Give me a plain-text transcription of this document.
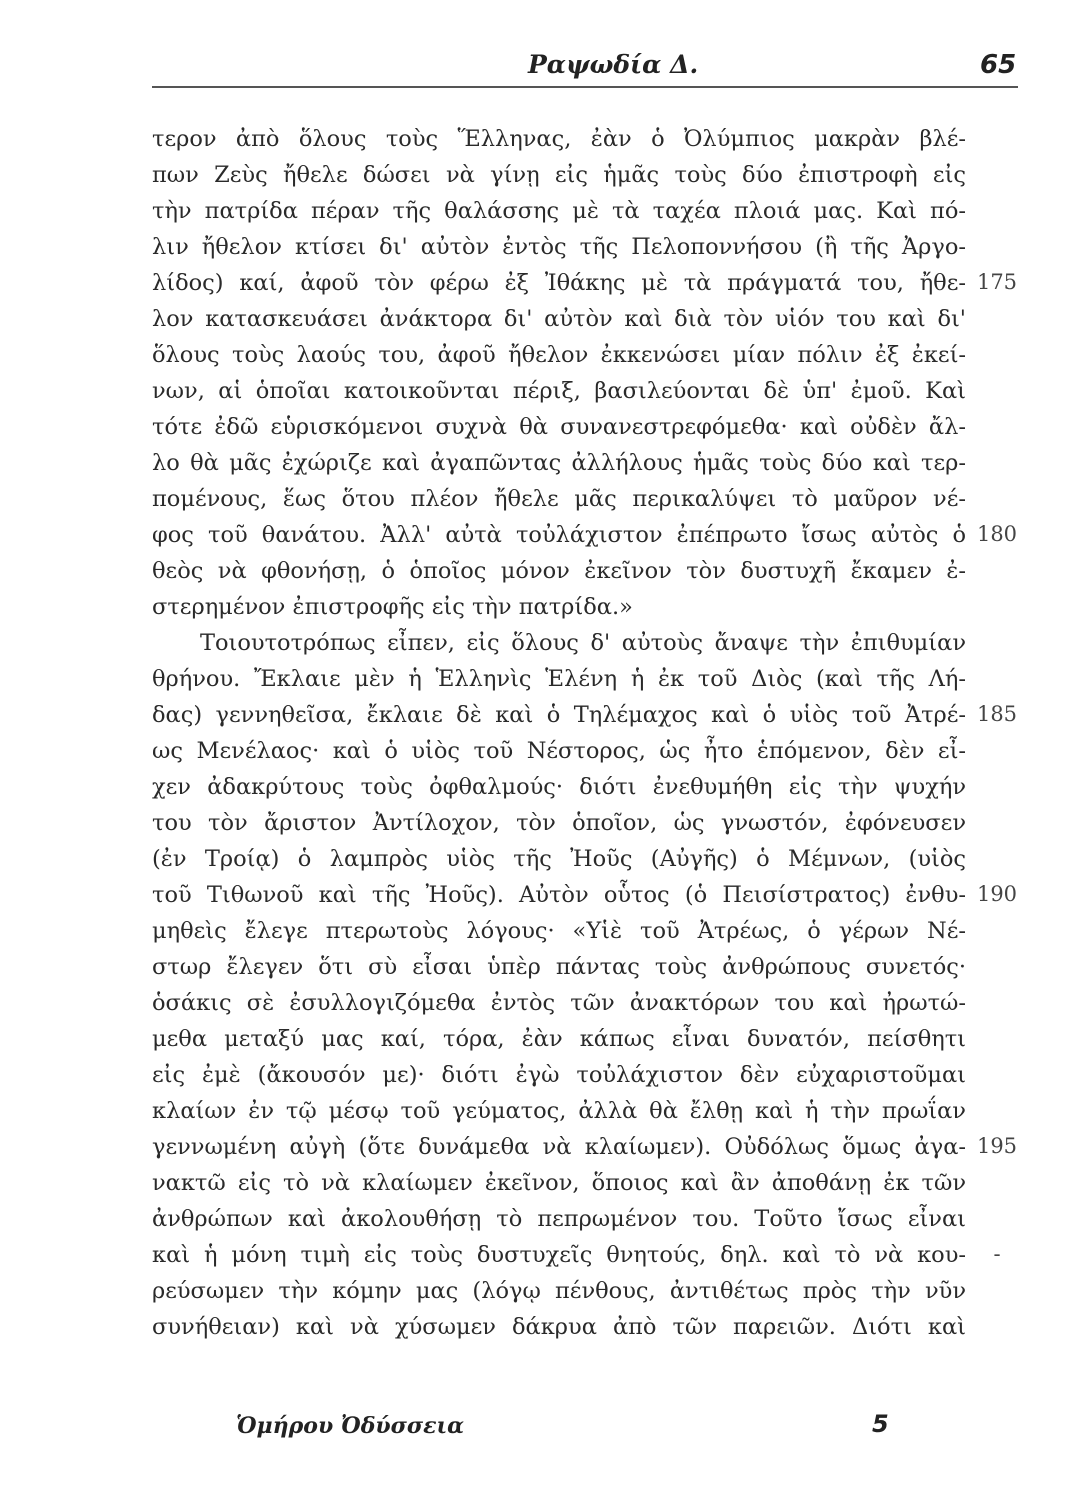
Ραψωδία Δ.	65
τερον ἀπὸ ὅλους τοὺς Ἕλληνας, ἐὰν ὁ Ὀλύμπιος μακρὰν βλέ-
πων Ζεὺς ἤθελε δώσει νὰ γίνῃ εἰς ἡμᾶς τοὺς δύο ἐπιστροφὴ εἰς
τὴν πατρίδα πέραν τῆς θαλάσσης μὲ τὰ ταχέα πλοιά μας. Καὶ πό-
λιν ἤθελον κτίσει δι' αὐτὸν ἐντὸς τῆς Πελοποννήσου (ἢ τῆς Ἀργο-
λίδος) καί, ἀφοῦ τὸν φέρω ἐξ Ἰθάκης μὲ τὰ πράγματά του, ἤθε-
λον κατασκευάσει ἀνάκτορα δι' αὐτὸν καὶ διὰ τὸν υἱόν του καὶ δι'
ὅλους τοὺς λαούς του, ἀφοῦ ἤθελον ἐκκενώσει μίαν πόλιν ἐξ ἐκεί-
νων, αἱ ὁποῖαι κατοικοῦνται πέριξ, βασιλεύονται δὲ ὑπ' ἐμοῦ. Καὶ
τότε ἐδῶ εὑρισκόμενοι συχνὰ θὰ συνανεστρεφόμεθα· καὶ οὐδὲν ἄλ-
λο θὰ μᾶς ἐχώριζε καὶ ἀγαπῶντας ἀλλήλους ἡμᾶς τοὺς δύο καὶ τερ-
πομένους, ἕως ὅτου πλέον ἤθελε μᾶς περικαλύψει τὸ μαῦρον νέ-
φος τοῦ θανάτου. Ἀλλ' αὐτὰ τοὐλάχιστον ἐπέπρωτο ἴσως αὐτὸς ὁ
θεὸς νὰ φθονήσῃ, ὁ ὁποῖος μόνον ἐκεῖνον τὸν δυστυχῆ ἔκαμεν ἐ-
στερημένον ἐπιστροφῆς εἰς τὴν πατρίδα.»
Τοιουτοτρόπως εἶπεν, εἰς ὅλους δ' αὐτοὺς ἄναψε τὴν ἐπιθυμίαν
θρήνου. Ἔκλαιε μὲν ἡ Ἑλληνὶς Ἑλένη ἡ ἐκ τοῦ Διὸς (καὶ τῆς Λή-
δας) γεννηθεῖσα, ἔκλαιε δὲ καὶ ὁ Τηλέμαχος καὶ ὁ υἱὸς τοῦ Ἀτρέ-
ως Μενέλαος· καὶ ὁ υἱὸς τοῦ Νέστορος, ὡς ἦτο ἑπόμενον, δὲν εἶ-
χεν ἀδακρύτους τοὺς ὀφθαλμούς· διότι ἐνεθυμήθη εἰς τὴν ψυχήν
του τὸν ἄριστον Ἀντίλοχον, τὸν ὁποῖον, ὡς γνωστόν, ἐφόνευσεν
(ἐν Τροίᾳ) ὁ λαμπρὸς υἱὸς τῆς Ἠοῦς (Αὐγῆς) ὁ Μέμνων, (υἱὸς
τοῦ Τιθωνοῦ καὶ τῆς Ἠοῦς). Αὐτὸν οὗτος (ὁ Πεισίστρατος) ἐνθυ-
μηθεὶς ἔλεγε πτερωτοὺς λόγους· «Υἱὲ τοῦ Ἀτρέως, ὁ γέρων Νέ-
στωρ ἔλεγεν ὅτι σὺ εἶσαι ὑπὲρ πάντας τοὺς ἀνθρώπους συνετός·
ὁσάκις σὲ ἐσυλλογιζόμεθα ἐντὸς τῶν ἀνακτόρων του καὶ ἠρωτώ-
μεθα μεταξύ μας καί, τόρα, ἐὰν κάπως εἶναι δυνατόν, πείσθητι
εἰς ἐμὲ (ἄκουσόν με)· διότι ἐγὼ τοὐλάχιστον δὲν εὐχαριστοῦμαι
κλαίων ἐν τῷ μέσῳ τοῦ γεύματος, ἀλλὰ θὰ ἔλθῃ καὶ ἡ τὴν πρωΐαν
γεννωμένη αὐγὴ (ὅτε δυνάμεθα νὰ κλαίωμεν). Οὐδόλως ὅμως ἀγα-
νακτῶ εἰς τὸ νὰ κλαίωμεν ἐκεῖνον, ὅποιος καὶ ἂν ἀποθάνῃ ἐκ τῶν
ἀνθρώπων καὶ ἀκολουθήσῃ τὸ πεπρωμένον του. Τοῦτο ἴσως εἶναι
καὶ ἡ μόνη τιμὴ εἰς τοὺς δυστυχεῖς θνητούς, δηλ. καὶ τὸ νὰ κου-
ρεύσωμεν τὴν κόμην μας (λόγῳ πένθους, ἀντιθέτως πρὸς τὴν νῦν
συνήθειαν) καὶ νὰ χύσωμεν δάκρυα ἀπὸ τῶν παρειῶν. Διότι καὶ
175
180
185
190
195
-
Ὁμήρου Ὀδύσσεια	5
